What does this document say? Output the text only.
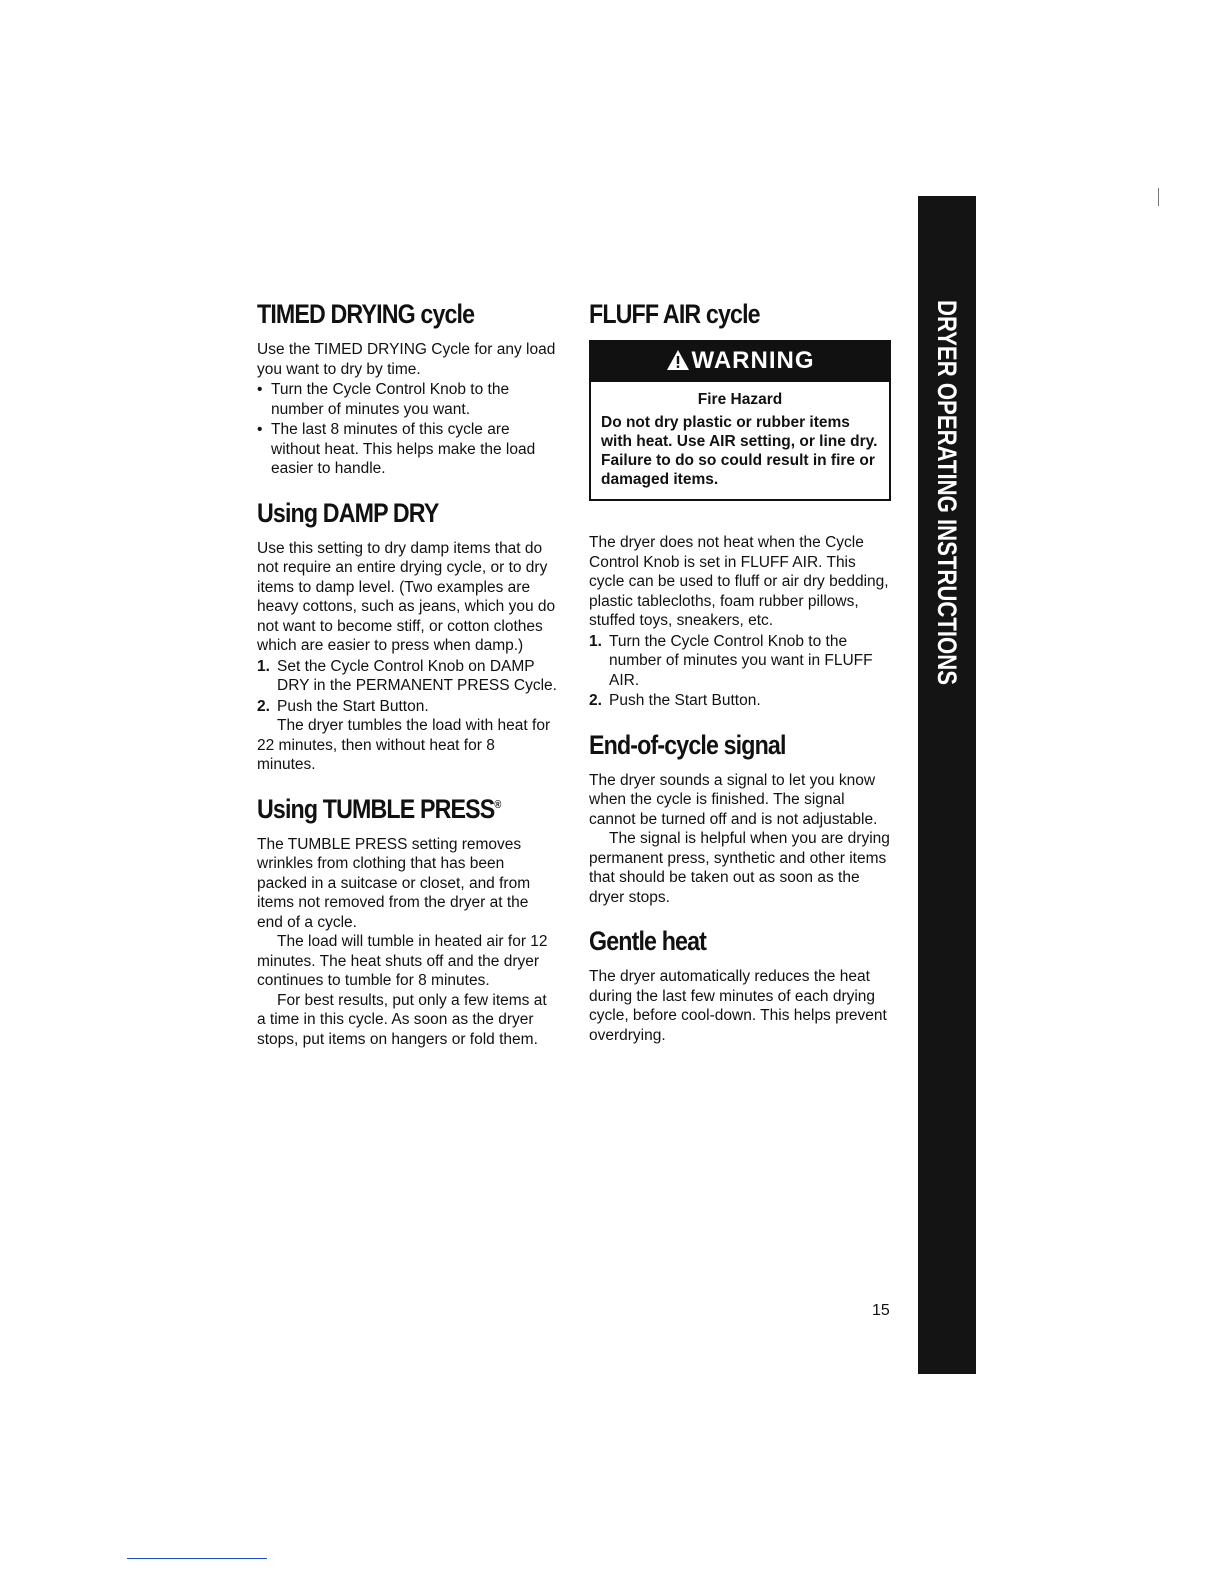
TIMED DRYING cycle

Use the TIMED DRYING Cycle for any load you want to dry by time.

• Turn the Cycle Control Knob to the number of minutes you want.
• The last 8 minutes of this cycle are without heat. This helps make the load easier to handle.
Using DAMP DRY

Use this setting to dry damp items that do not require an entire drying cycle, or to dry items to damp level. (Two examples are heavy cottons, such as jeans, which you do not want to become stiff, or cotton clothes which are easier to press when damp.)

1. Set the Cycle Control Knob on DAMP DRY in the PERMANENT PRESS Cycle.
2. Push the Start Button.

The dryer tumbles the load with heat for 22 minutes, then without heat for 8 minutes.

Using TUMBLE PRESS®

The TUMBLE PRESS setting removes wrinkles from clothing that has been packed in a suitcase or closet, and from items not removed from the dryer at the end of a cycle.

The load will tumble in heated air for 12 minutes. The heat shuts off and the dryer continues to tumble for 8 minutes.

For best results, put only a few items at a time in this cycle. As soon as the dryer stops, put items on hangers or fold them.

FLUFF AIR cycle
WARNING
Fire Hazard
Do not dry plastic or rubber items with heat. Use AIR setting, or line dry. Failure to do so could result in fire or damaged items.

The dryer does not heat when the Cycle Control Knob is set in FLUFF AIR. This cycle can be used to fluff or air dry bedding, plastic tablecloths, foam rubber pillows, stuffed toys, sneakers, etc.

1. Turn the Cycle Control Knob to the number of minutes you want in FLUFF AIR.
2. Push the Start Button.
End-of-cycle signal

The dryer sounds a signal to let you know when the cycle is finished. The signal cannot be turned off and is not adjustable.

The signal is helpful when you are drying permanent press, synthetic and other items that should be taken out as soon as the dryer stops.

Gentle heat

The dryer automatically reduces the heat during the last few minutes of each drying cycle, before cool-down. This helps prevent overdrying.

DRYER OPERATING INSTRUCTIONS
15
